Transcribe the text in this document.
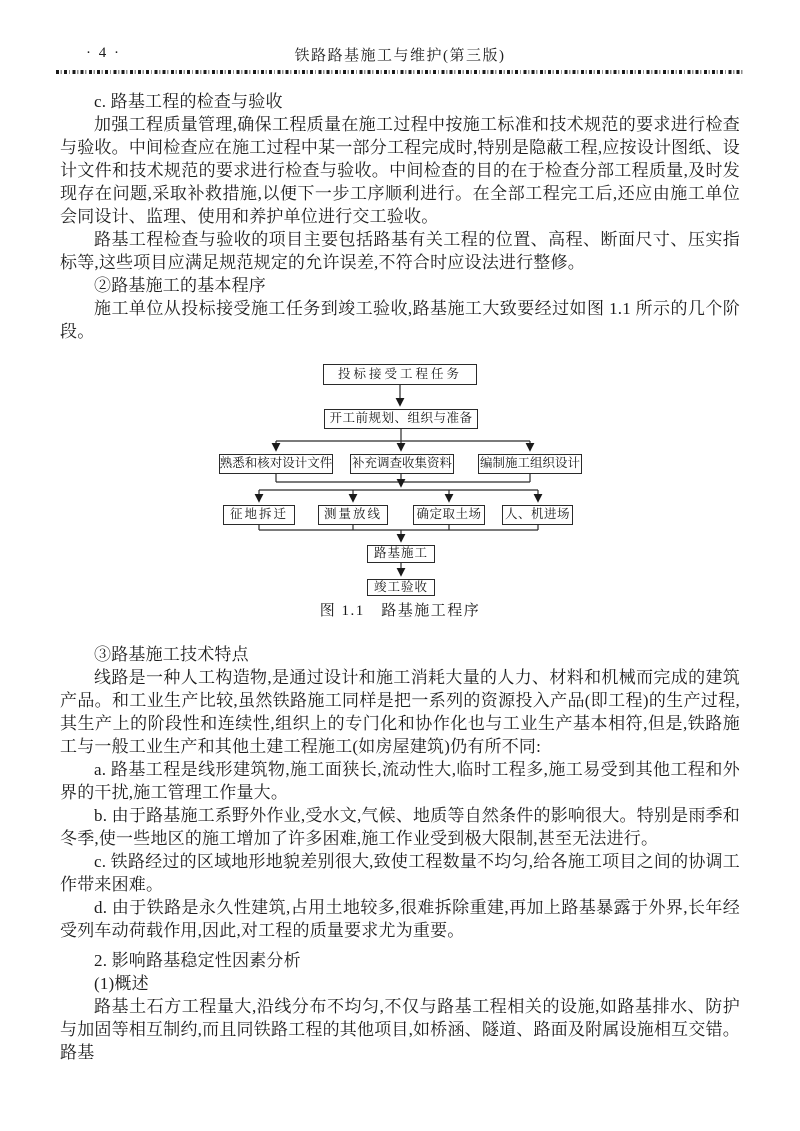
· 4 ·	铁路路基施工与维护(第三版)

c. 路基工程的检查与验收

加强工程质量管理,确保工程质量在施工过程中按施工标准和技术规范的要求进行检查与验收。中间检查应在施工过程中某一部分工程完成时,特别是隐蔽工程,应按设计图纸、设计文件和技术规范的要求进行检查与验收。中间检查的目的在于检查分部工程质量,及时发现存在问题,采取补救措施,以便下一步工序顺利进行。在全部工程完工后,还应由施工单位会同设计、监理、使用和养护单位进行交工验收。

路基工程检查与验收的项目主要包括路基有关工程的位置、高程、断面尺寸、压实指标等,这些项目应满足规范规定的允许误差,不符合时应设法进行整修。

②路基施工的基本程序

施工单位从投标接受施工任务到竣工验收,路基施工大致要经过如图 1.1 所示的几个阶段。

投标接受工程任务
开工前规划、组织与准备
熟悉和核对设计文件 补充调查收集资料 编制施工组织设计
征地拆迁	测量放线	确定取土场 人、机进场
路基施工
竣工验收
图 1.1　路基施工程序

③路基施工技术特点

线路是一种人工构造物,是通过设计和施工消耗大量的人力、材料和机械而完成的建筑产品。和工业生产比较,虽然铁路施工同样是把一系列的资源投入产品(即工程)的生产过程,其生产上的阶段性和连续性,组织上的专门化和协作化也与工业生产基本相符,但是,铁路施工与一般工业生产和其他土建工程施工(如房屋建筑)仍有所不同:

a. 路基工程是线形建筑物,施工面狭长,流动性大,临时工程多,施工易受到其他工程和外界的干扰,施工管理工作量大。

b. 由于路基施工系野外作业,受水文,气候、地质等自然条件的影响很大。特别是雨季和冬季,使一些地区的施工增加了许多困难,施工作业受到极大限制,甚至无法进行。

c. 铁路经过的区域地形地貌差别很大,致使工程数量不均匀,给各施工项目之间的协调工作带来困难。

d. 由于铁路是永久性建筑,占用土地较多,很难拆除重建,再加上路基暴露于外界,长年经受列车动荷载作用,因此,对工程的质量要求尤为重要。

2. 影响路基稳定性因素分析

(1)概述

路基土石方工程量大,沿线分布不均匀,不仅与路基工程相关的设施,如路基排水、防护与加固等相互制约,而且同铁路工程的其他项目,如桥涵、隧道、路面及附属设施相互交错。路基
